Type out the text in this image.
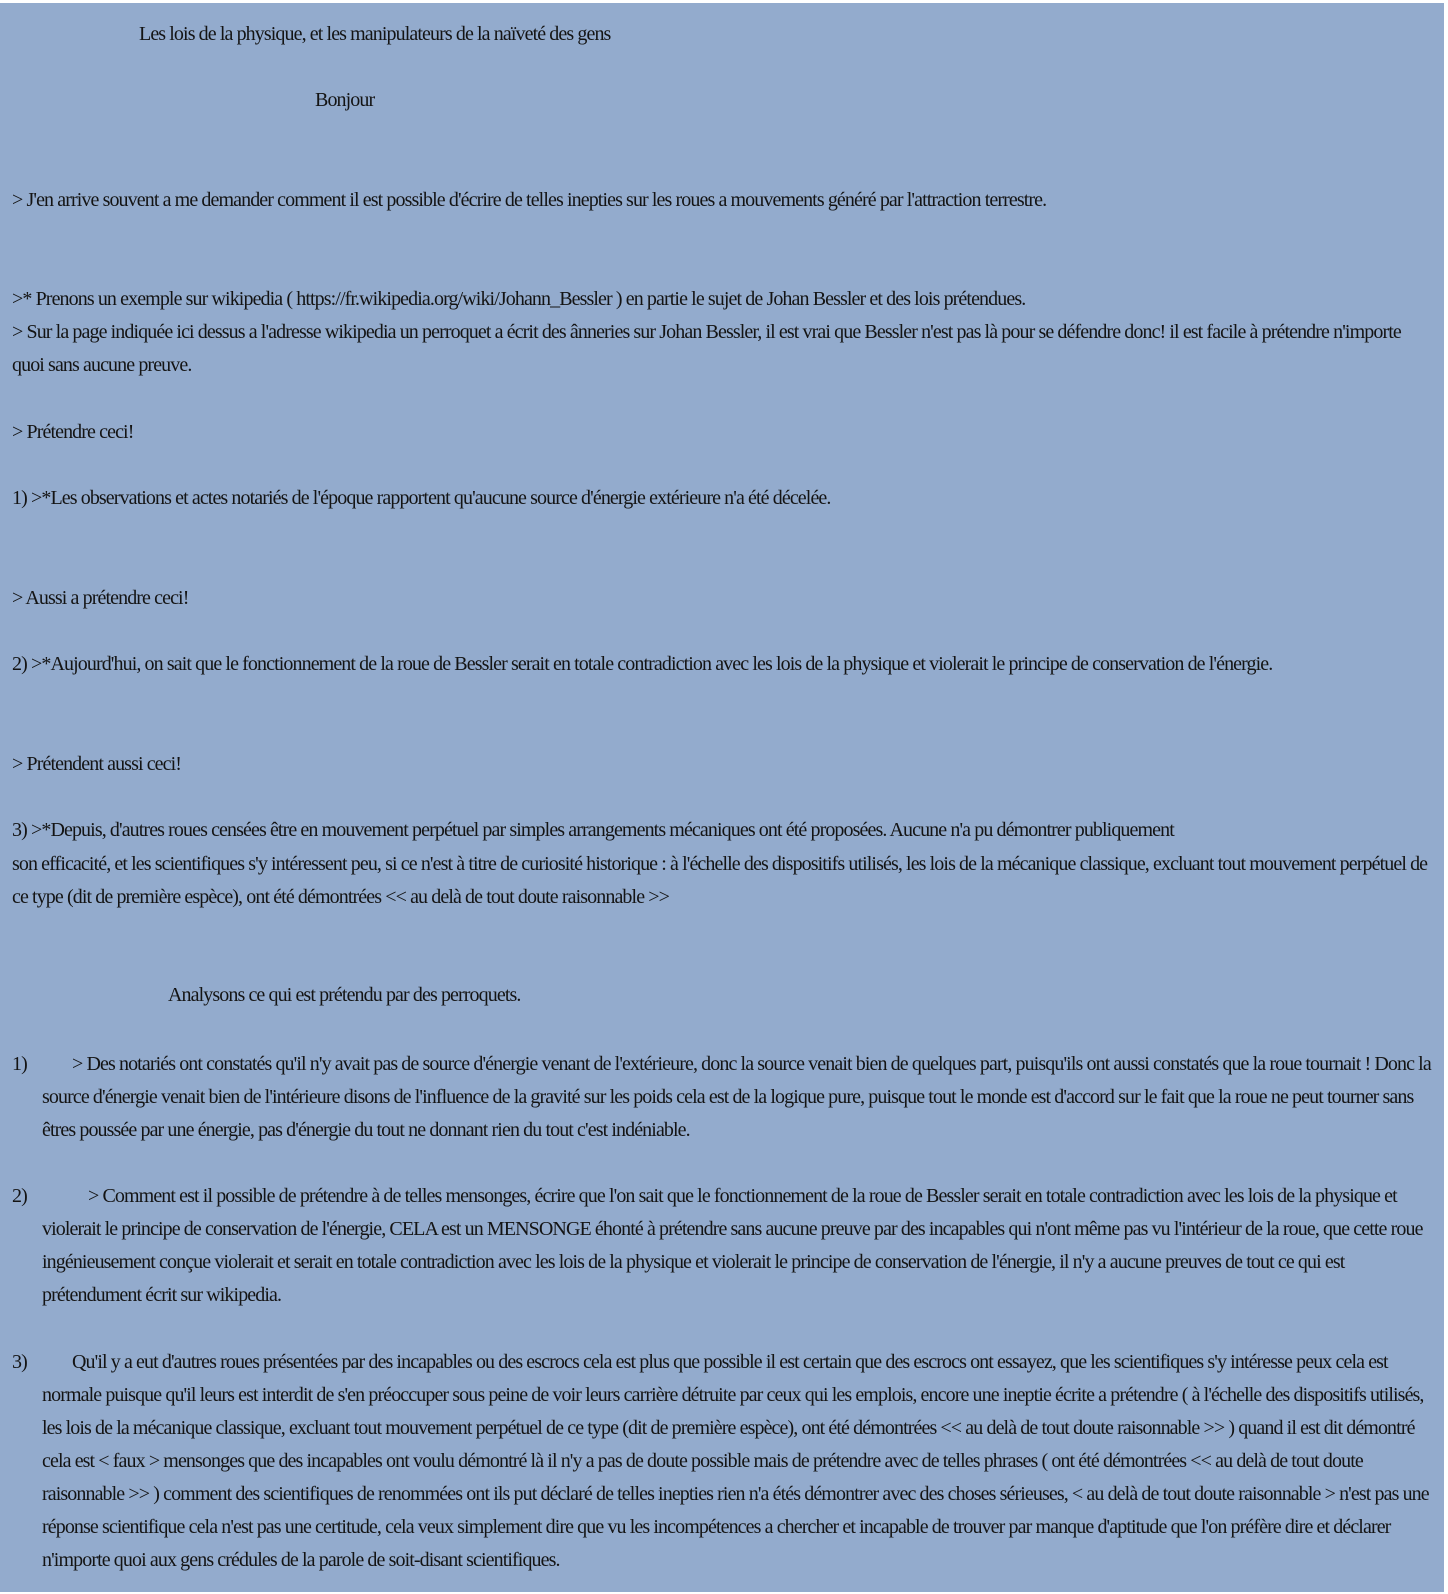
Les lois de la physique, et les manipulateurs de la naïveté des gens
Bonjour
> J'en arrive souvent a me demander comment il est possible d'écrire de telles inepties sur les roues a mouvements généré par l'attraction terrestre.
>* Prenons un exemple sur wikipedia ( https://fr.wikipedia.org/wiki/Johann_Bessler ) en partie le sujet de Johan Bessler et des lois prétendues.
> Sur la page indiquée ici dessus a l'adresse wikipedia un perroquet a écrit des ânneries sur Johan Bessler, il est vrai que Bessler n'est pas là pour se défendre donc! il est facile à prétendre n'importe quoi sans aucune preuve.
> Prétendre ceci!
1) >*Les observations et actes notariés de l'époque rapportent qu'aucune source d'énergie extérieure n'a été décelée.
> Aussi a prétendre ceci!
2) >*Aujourd'hui, on sait que le fonctionnement de la roue de Bessler serait en totale contradiction avec les lois de la physique et violerait le principe de conservation de l'énergie.
> Prétendent aussi ceci!
3) >*Depuis, d'autres roues censées être en mouvement perpétuel par simples arrangements mécaniques ont été proposées. Aucune n'a pu démontrer publiquement
son efficacité, et les scientifiques s'y intéressent peu, si ce n'est à titre de curiosité historique : à l'échelle des dispositifs utilisés, les lois de la mécanique classique, excluant tout mouvement perpétuel de ce type (dit de première espèce), ont été démontrées << au delà de tout doute raisonnable >>
Analysons ce qui est prétendu par des perroquets.
1)	> Des notariés ont constatés qu'il n'y avait pas de source d'énergie venant de l'extérieure, donc la source venait bien de quelques part, puisqu'ils ont aussi constatés que la roue tournait ! Donc la source d'énergie venait bien de l'intérieure disons de l'influence de la gravité sur les poids cela est de la logique pure, puisque tout le monde est d'accord sur le fait que la roue ne peut tourner sans êtres poussée par une énergie, pas d'énergie du tout ne donnant rien du tout c'est indéniable.
2)	> Comment est il possible de prétendre à de telles mensonges, écrire que l'on sait que le fonctionnement de la roue de Bessler serait en totale contradiction avec les lois de la physique et violerait le principe de conservation de l'énergie, CELA est un MENSONGE éhonté à prétendre sans aucune preuve par des incapables qui n'ont même pas vu l'intérieur de la roue, que cette roue ingénieusement conçue violerait et serait en totale contradiction avec les lois de la physique et violerait le principe de conservation de l'énergie, il n'y a aucune preuves de tout ce qui est prétendument écrit sur wikipedia.
3)	Qu'il y a eut d'autres roues présentées par des incapables ou des escrocs cela est plus que possible il est certain que des escrocs ont essayez, que les scientifiques s'y intéresse peux cela est normale puisque qu'il leurs est interdit de s'en préoccuper sous peine de voir leurs carrière détruite par ceux qui les emplois, encore une ineptie écrite a prétendre ( à l'échelle des dispositifs utilisés, les lois de la mécanique classique, excluant tout mouvement perpétuel de ce type (dit de première espèce), ont été démontrées << au delà de tout doute raisonnable >> ) quand il est dit démontré cela est < faux > mensonges que des incapables ont voulu démontré là il n'y a pas de doute possible mais de prétendre avec de telles phrases ( ont été démontrées << au delà de tout doute raisonnable >> ) comment des scientifiques de renommées ont ils put déclaré de telles inepties rien n'a étés démontrer avec des choses sérieuses, < au delà de tout doute raisonnable > n'est pas une réponse scientifique cela n'est pas une certitude, cela veux simplement dire que vu les incompétences a chercher et incapable de trouver par manque d'aptitude que l'on préfère dire et déclarer n'importe quoi aux gens crédules de la parole de soit-disant scientifiques.
